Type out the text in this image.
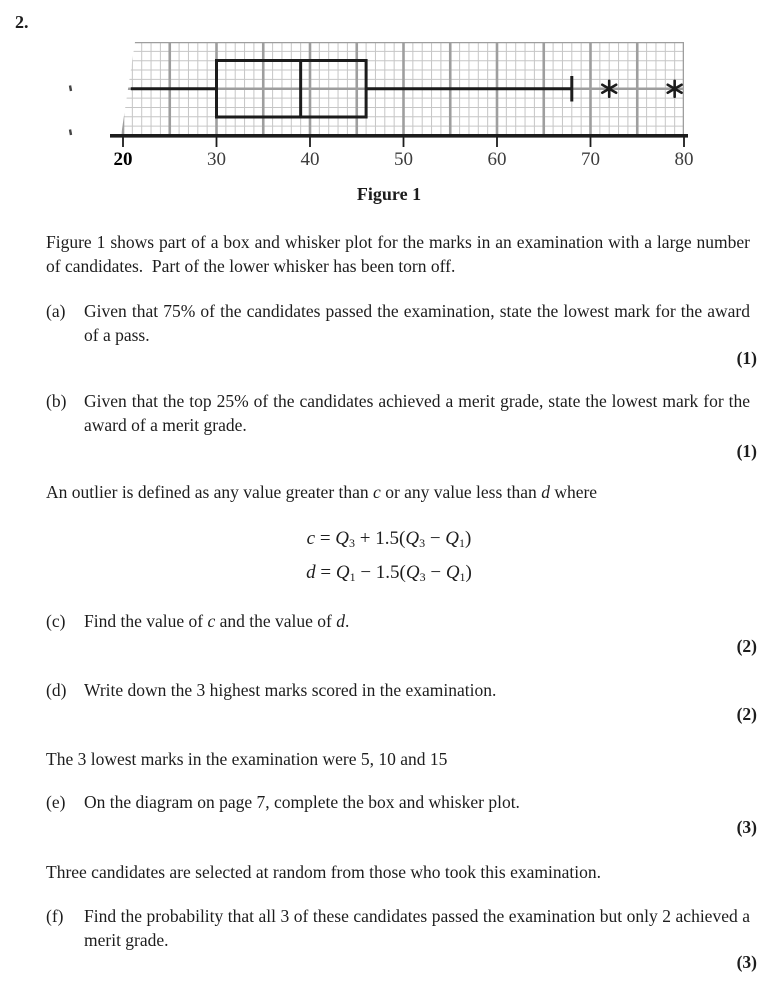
2.
20	30	40	50	60	70	80
Figure 1
Figure 1 shows part of a box and whisker plot for the marks in an examination with a large number of candidates.  Part of the lower whisker has been torn off.
(a) Given that 75% of the candidates passed the examination, state the lowest mark for the award of a pass.
(1)
(b) Given that the top 25% of the candidates achieved a merit grade, state the lowest mark for the award of a merit grade.
(1)
An outlier is defined as any value greater than c or any value less than d where
$c = Q_3 + 1.5(Q_3 - Q_1)$
$d = Q_1 - 1.5(Q_3 - Q_1)$
(c) Find the value of c and the value of d.
(2)
(d) Write down the 3 highest marks scored in the examination.
(2)
The 3 lowest marks in the examination were 5, 10 and 15
(e) On the diagram on page 7, complete the box and whisker plot.
(3)
Three candidates are selected at random from those who took this examination.
(f) Find the probability that all 3 of these candidates passed the examination but only 2 achieved a merit grade.
(3)
